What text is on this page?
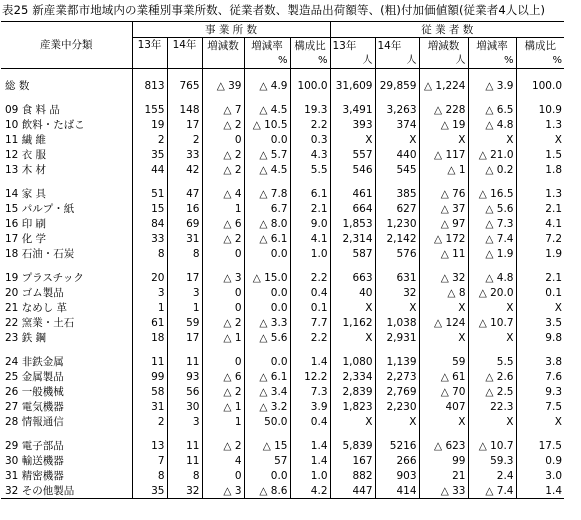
表25 新産業都市地域内の業種別事業所数、従業者数、製造品出荷額等、(粗)付加価値額(従業者4人以上)
産業中分類	事 業 所 数					従 業 者 数				
	13年	14年	増減数	増減率	構成比	13年	14年	増減数	増減率	構成比
				%	%	人	人	人	%	%

総 数	813	765	△ 39	△ 4.9	100.0	31,609	29,859	△ 1,224	△ 3.9	100.0

09 食 料 品	155	148	△ 7	△ 4.5	19.3	3,491	3,263	△ 228	△ 6.5	10.9
10 飲料・たばこ	19	17	△ 2	△ 10.5	2.2	393	374	△ 19	△ 4.8	1.3
11 繊 維	2	2	0	0.0	0.3	X	X	X	X	X
12 衣 服	35	33	△ 2	△ 5.7	4.3	557	440	△ 117	△ 21.0	1.5
13 木 材	44	42	△ 2	△ 4.5	5.5	546	545	△ 1	△ 0.2	1.8

14 家 具	51	47	△ 4	△ 7.8	6.1	461	385	△ 76	△ 16.5	1.3
15 パルプ・紙	15	16	1	6.7	2.1	664	627	△ 37	△ 5.6	2.1
16 印 刷	84	69	△ 6	△ 8.0	9.0	1,853	1,230	△ 97	△ 7.3	4.1
17 化 学	33	31	△ 2	△ 6.1	4.1	2,314	2,142	△ 172	△ 7.4	7.2
18 石油・石炭	8	8	0	0.0	1.0	587	576	△ 11	△ 1.9	1.9

19 プラスチック	20	17	△ 3	△ 15.0	2.2	663	631	△ 32	△ 4.8	2.1
20 ゴム製品	3	3	0	0.0	0.4	40	32	△ 8	△ 20.0	0.1
21 なめし 革	1	1	0	0.0	0.1	X	X	X	X	X
22 窯業・土石	61	59	△ 2	△ 3.3	7.7	1,162	1,038	△ 124	△ 10.7	3.5
23 鉄 鋼	18	17	△ 1	△ 5.6	2.2	X	2,931	X	X	9.8

24 非鉄金属	11	11	0	0.0	1.4	1,080	1,139	59	5.5	3.8
25 金属製品	99	93	△ 6	△ 6.1	12.2	2,334	2,273	△ 61	△ 2.6	7.6
26 一般機械	58	56	△ 2	△ 3.4	7.3	2,839	2,769	△ 70	△ 2.5	9.3
27 電気機器	31	30	△ 1	△ 3.2	3.9	1,823	2,230	407	22.3	7.5
28 情報通信	2	3	1	50.0	0.4	X	X	X	X	X

29 電子部品	13	11	△ 2	△ 15	1.4	5,839	5216	△ 623	△ 10.7	17.5
30 輸送機器	7	11	4	57	1.4	167	266	99	59.3	0.9
31 精密機器	8	8	0	0.0	1.0	882	903	21	2.4	3.0
32 その他製品	35	32	△ 3	△ 8.6	4.2	447	414	△ 33	△ 7.4	1.4
